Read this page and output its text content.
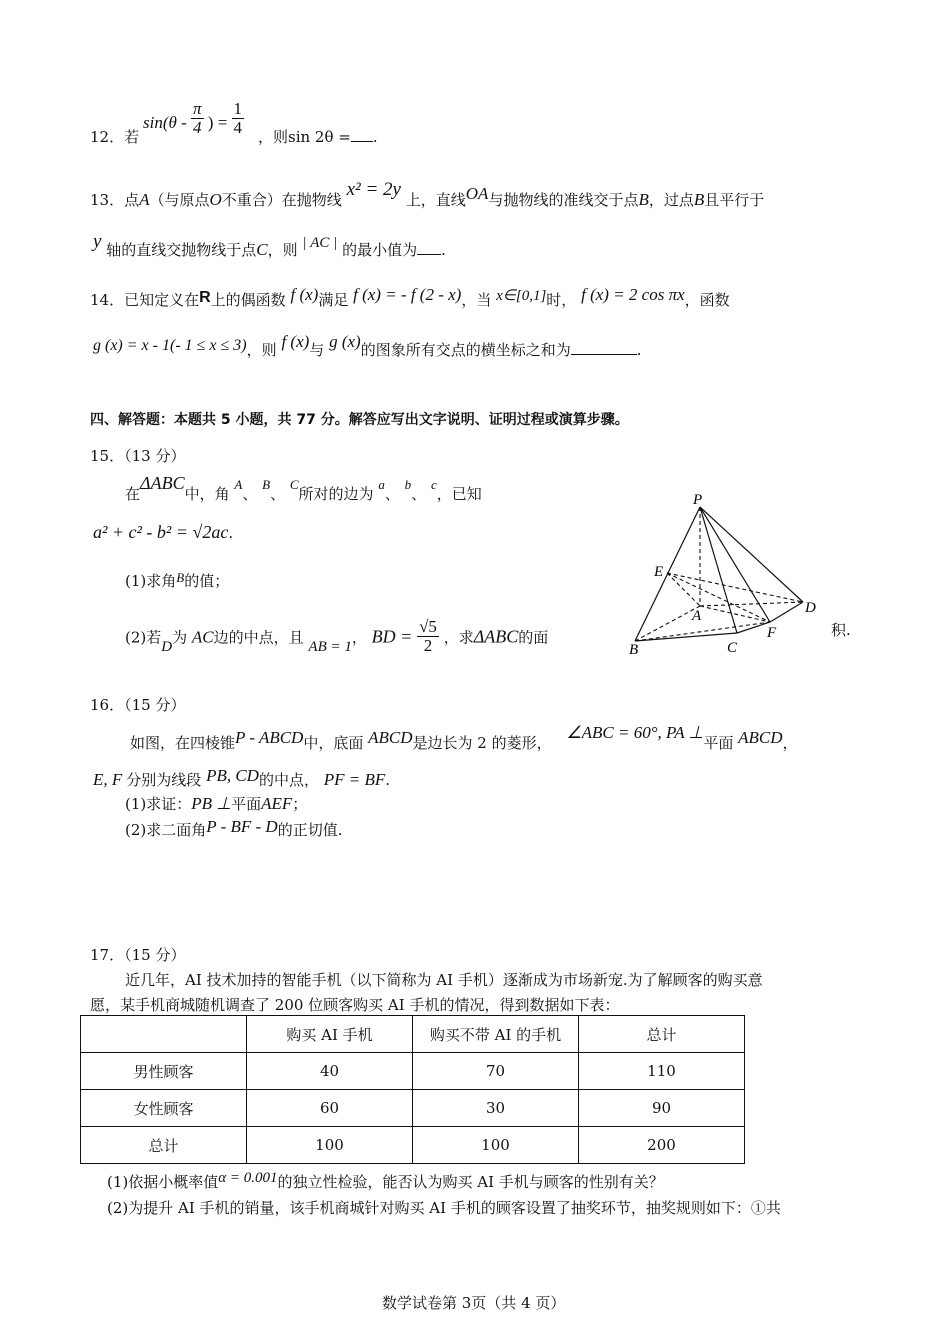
12．若
$\sin(\theta - \frac{\pi}{4}$ ) = $\frac{1}{4}$ ，则sin 2θ = .
13．点A（与原点O不重合）在抛物线 x² = 2y 上，直线OA与抛物线的准线交于点B，过点B且平行于
y 轴的直线交抛物线于点C，则 | AC | 的最小值为 .
14．已知定义在R上的偶函数 f (x)满足 f (x) = - f (2 - x)，当 x∈[0,1]时， f (x) = 2 cos πx，函数
g (x) = x - 1(- 1 ≤ x ≤ 3)，则 f (x)与 g (x)的图象所有交点的横坐标之和为	.
四、解答题：本题共 5 小题，共 77 分。解答应写出文字说明、证明过程或演算步骤。
15．（13 分）
在ΔABC中，角 A、 B、 C所对的边为 a、 b、 c，已知
a² + c² - b² = √2ac.
(1)求角B的值；
(2)若D为 AC边的中点，且 AB = 1， BD = $\frac{√5}{2}$ ，求ΔABC的面	积.
P
E
A	D
F
B	C
16．（15 分）
如图，在四棱锥P - ABCD中，底面 ABCD是边长为 2 的菱形， ∠ABC = 60°, PA ⊥平面 ABCD，
E, F 分别为线段 PB, CD的中点， PF = BF.
(1)求证：PB ⊥平面AEF；
(2)求二面角P - BF - D的正切值.
17．（15 分）
近几年，AI 技术加持的智能手机（以下简称为 AI 手机）逐渐成为市场新宠.为了解顾客的购买意
愿，某手机商城随机调查了 200 位顾客购买 AI 手机的情况，得到数据如下表：
	购买 AI 手机	购买不带 AI 的手机	总计
男性顾客	40	70	110
女性顾客	60	30	90
总计	100	100	200
(1)依据小概率值α = 0.001的独立性检验，能否认为购买 AI 手机与顾客的性别有关？
(2)为提升 AI 手机的销量，该手机商城针对购买 AI 手机的顾客设置了抽奖环节，抽奖规则如下：①共
数学试卷第 3页（共 4 页）
